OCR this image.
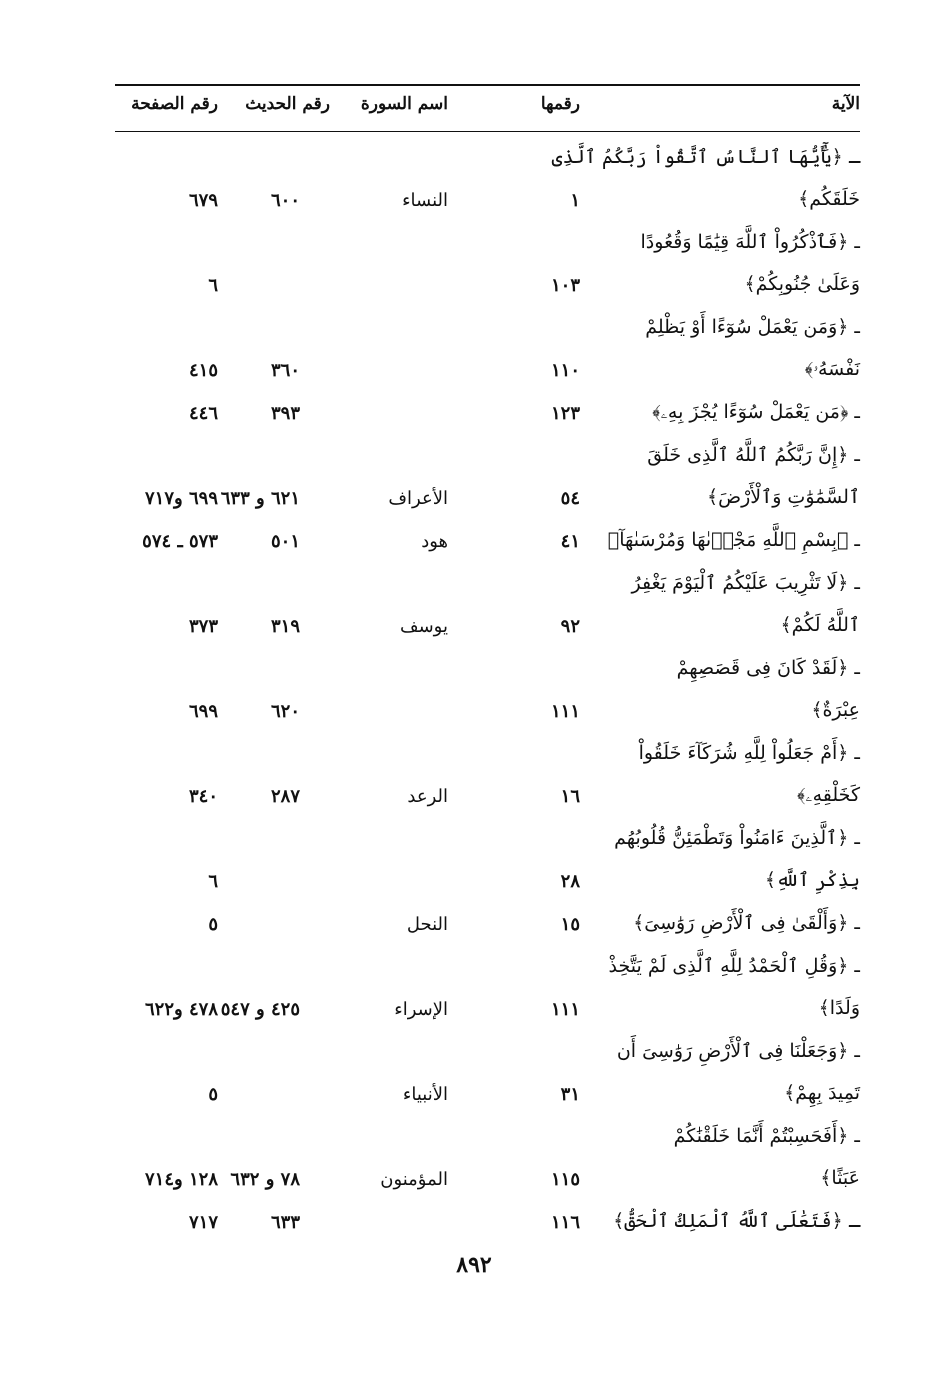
الآية
رقمها
اسم السورة
رقم الحديث
رقم الصفحة
ـ ﴿يَٰٓأَيُّهَا ٱلنَّاسُ ٱتَّقُواْ رَبَّكُمُ ٱلَّذِى
خَلَقَكُم﴾
١
النساء
٦٠٠
٦٧٩
ـ ﴿فَٱذْكُرُواْ ٱللَّهَ قِيَٰمًا وَقُعُودًا
وَعَلَىٰ جُنُوبِكُمْ﴾
١٠٣
٦
ـ ﴿وَمَن يَعْمَلْ سُوٓءًا أَوْ يَظْلِمْ
نَفْسَهُۥ﴾
١١٠
٣٦٠
٤١٥
ـ ﴿مَن يَعْمَلْ سُوٓءًا يُجْزَ بِهِۦ﴾
١٢٣
٣٩٣
٤٤٦
ـ ﴿إِنَّ رَبَّكُمُ ٱللَّهُ ٱلَّذِى خَلَقَ
ٱلسَّمَٰوَٰتِ وَٱلْأَرْضَ﴾
٥٤
الأعراف
٦٢١ و ٦٣٣
٦٩٩ و٧١٧
ـ ﴿بِسْمِ ٱللَّهِ مَجْر۪ىٰهَا وَمُرْسَىٰهَآ﴾
٤١
هود
٥٠١
٥٧٣ ـ ٥٧٤
ـ ﴿لَا تَثْرِيبَ عَلَيْكُمُ ٱلْيَوْمَ يَغْفِرُ
ٱللَّهُ لَكُمْ﴾
٩٢
يوسف
٣١٩
٣٧٣
ـ ﴿لَقَدْ كَانَ فِى قَصَصِهِمْ
عِبْرَةٌ﴾
١١١
٦٢٠
٦٩٩
ـ ﴿أَمْ جَعَلُواْ لِلَّهِ شُرَكَآءَ خَلَقُواْ
كَخَلْقِهِۦ﴾
١٦
الرعد
٢٨٧
٣٤٠
ـ ﴿ٱلَّذِينَ ءَامَنُواْ وَتَطْمَئِنُّ قُلُوبُهُم
بِذِكْرِ ٱللَّهِ﴾
٢٨
٦
ـ ﴿وَأَلْقَىٰ فِى ٱلْأَرْضِ رَوَٰسِىَ﴾
١٥
النحل
٥
ـ ﴿وَقُلِ ٱلْحَمْدُ لِلَّهِ ٱلَّذِى لَمْ يَتَّخِذْ
وَلَدًا﴾
١١١
الإسراء
٤٢٥ و ٥٤٧
٤٧٨ و٦٢٢
ـ ﴿وَجَعَلْنَا فِى ٱلْأَرْضِ رَوَٰسِىَ أَن
تَمِيدَ بِهِمْ﴾
٣١
الأنبياء
٥
ـ ﴿أَفَحَسِبْتُمْ أَنَّمَا خَلَقْنَٰكُمْ
عَبَثًا﴾
١١٥
المؤمنون
٧٨ و ٦٣٢
١٢٨ و٧١٤
ـ ﴿فَتَعَٰلَى ٱللَّهُ ٱلْمَلِكُ ٱلْحَقُّ﴾
١١٦
٦٣٣
٧١٧
٨٩٢
